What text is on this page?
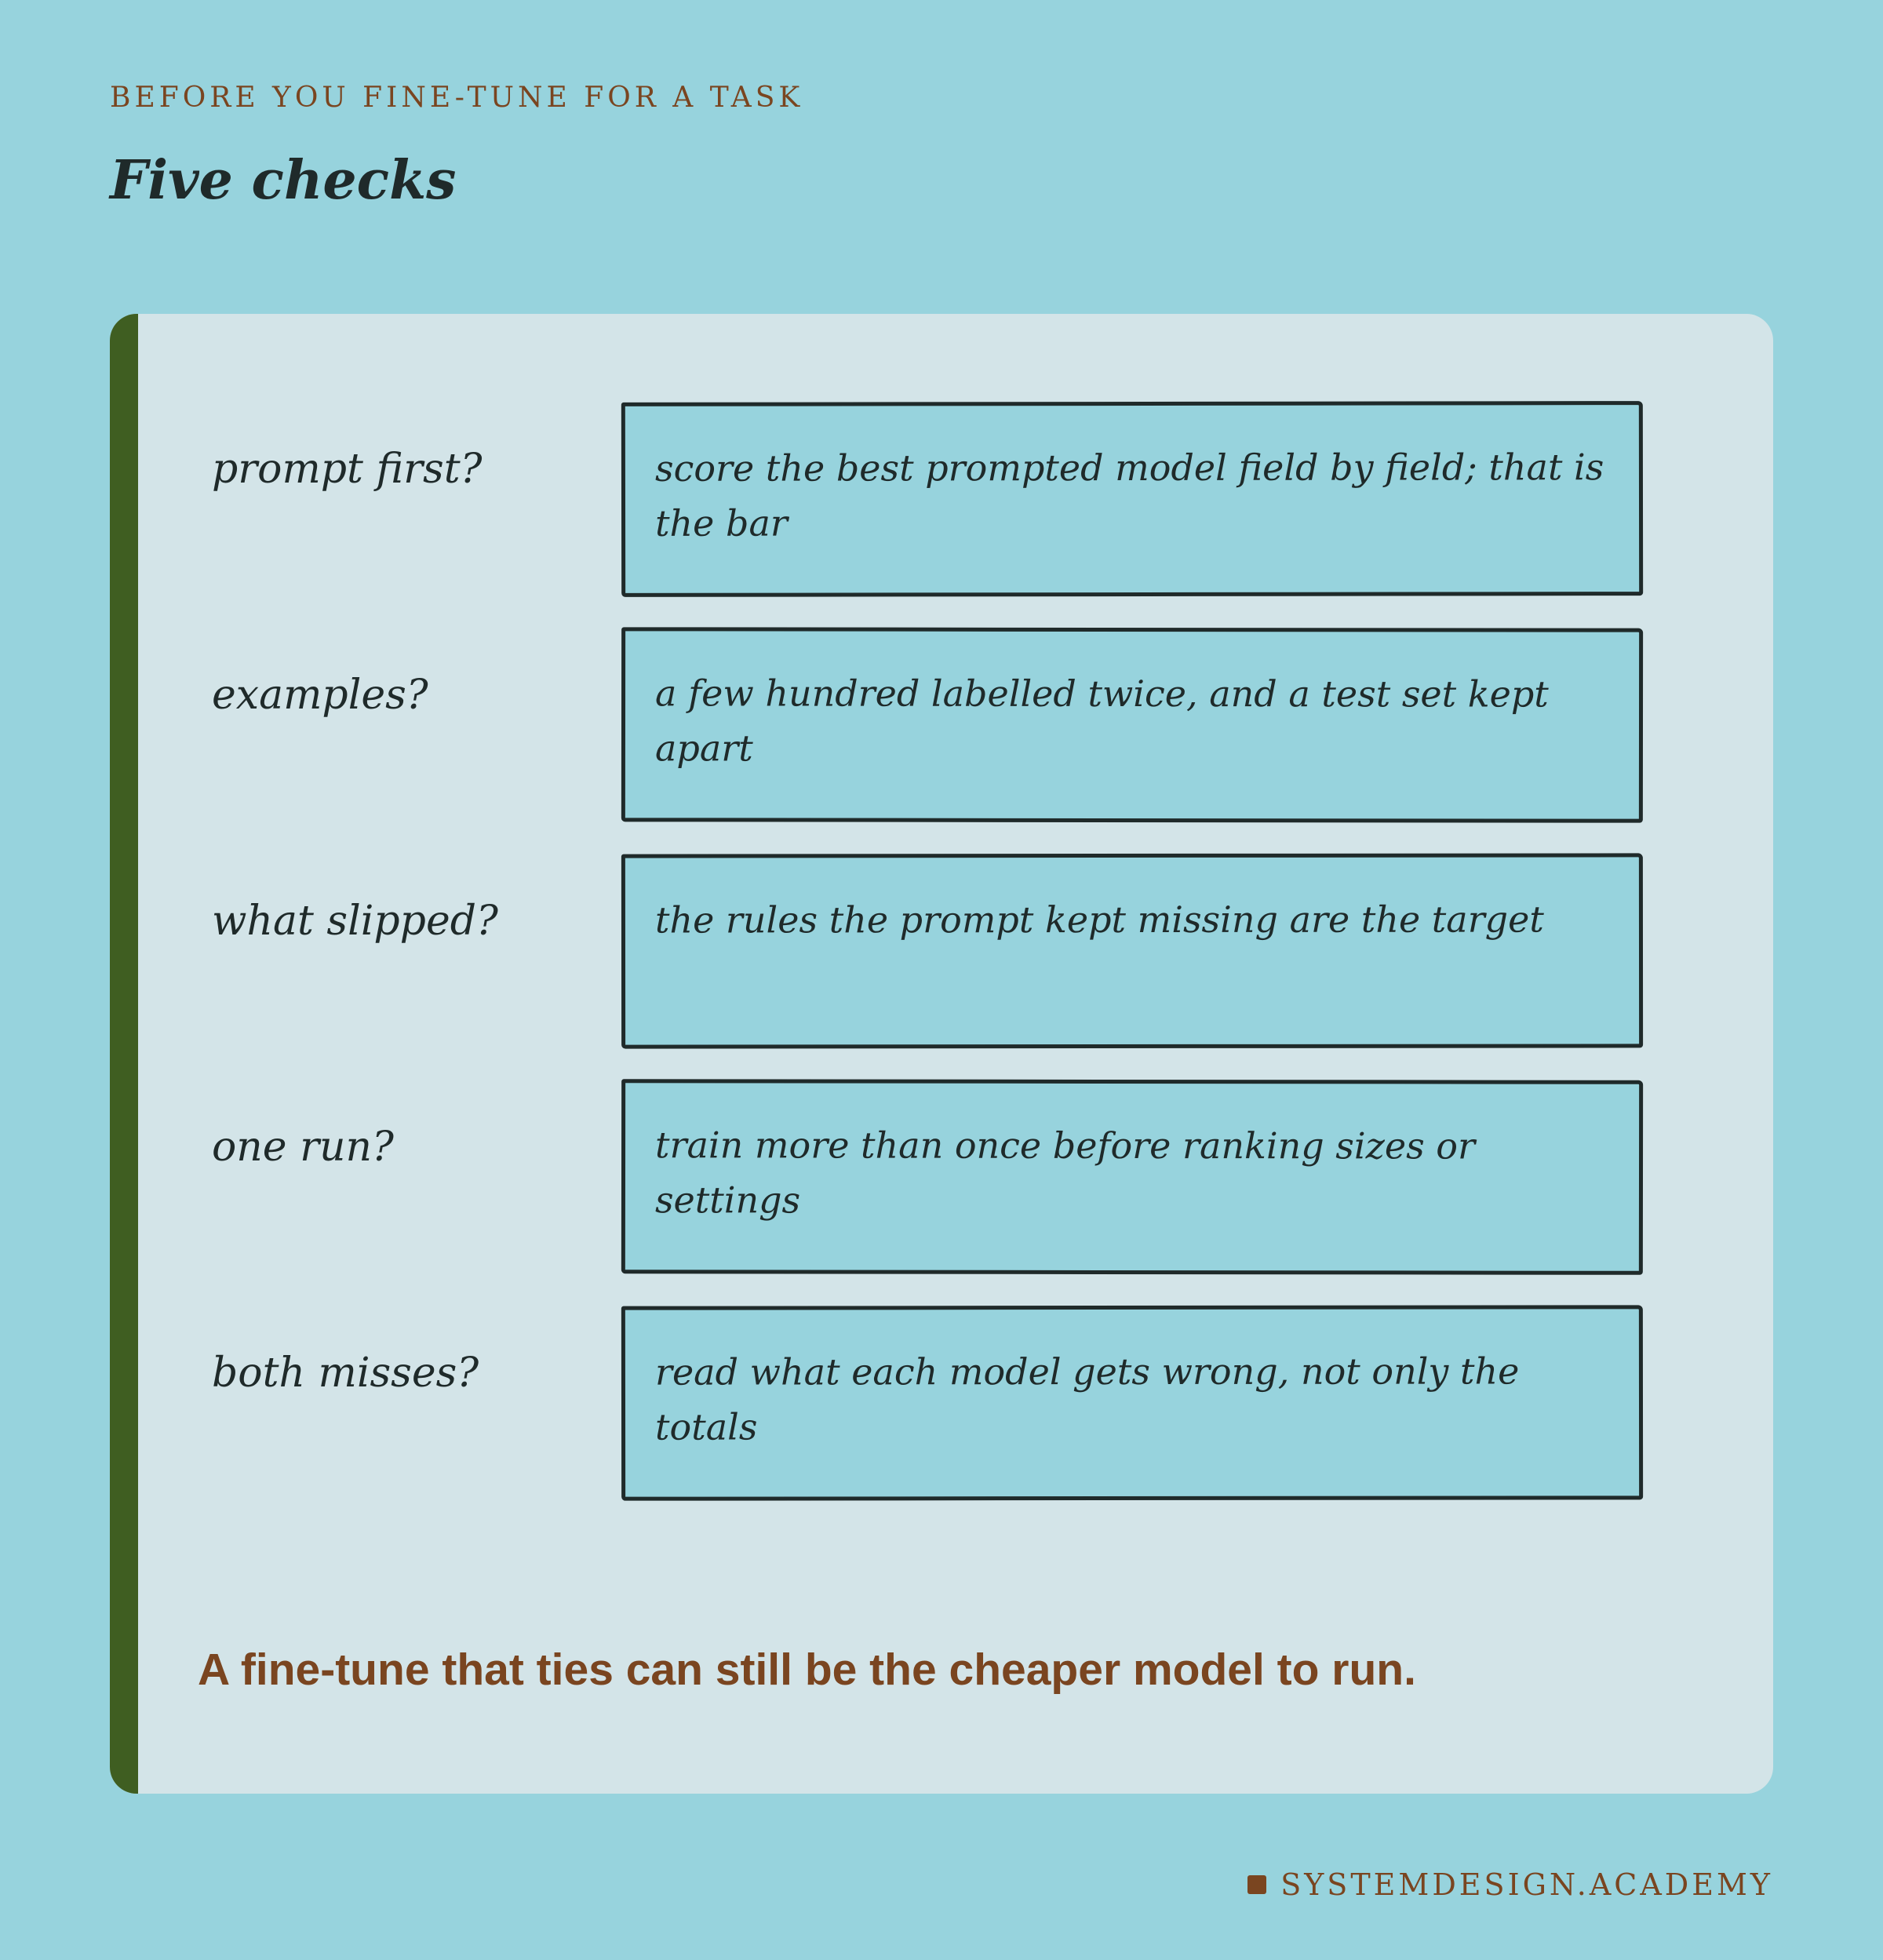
BEFORE YOU FINE-TUNE FOR A TASK
Five checks
prompt first?	score the best prompted model field by field; that is the bar
examples?	a few hundred labelled twice, and a test set kept apart
what slipped?	the rules the prompt kept missing are the target
one run?	train more than once before ranking sizes or settings
both misses?	read what each model gets wrong, not only the totals
A fine-tune that ties can still be the cheaper model to run.
SYSTEMDESIGN.ACADEMY
